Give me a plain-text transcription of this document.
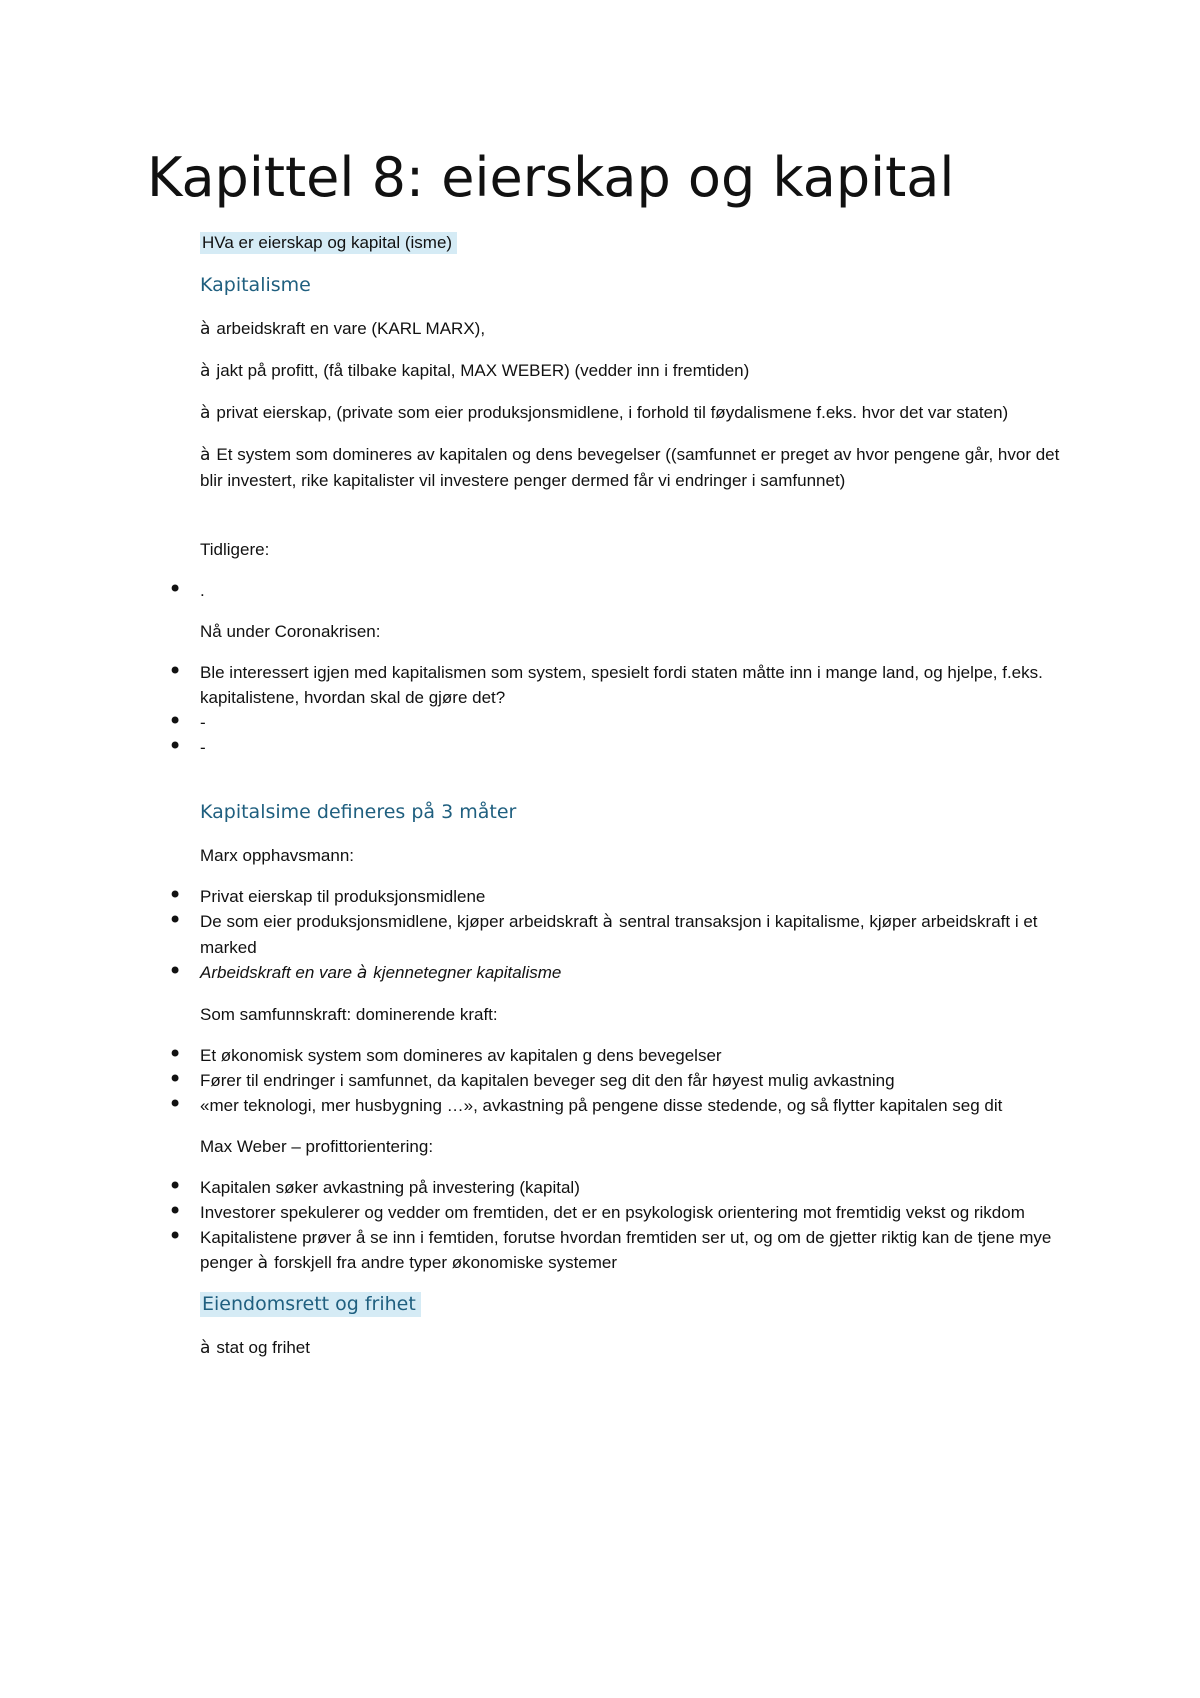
Kapittel 8: eierskap og kapital

HVa er eierskap og kapital (isme)

Kapitalisme

à arbeidskraft en vare (KARL MARX),

à jakt på profitt, (få tilbake kapital, MAX WEBER) (vedder inn i fremtiden)

à privat eierskap, (private som eier produksjonsmidlene, i forhold til føydalismene f.eks. hvor det var staten)

à Et system som domineres av kapitalen og dens bevegelser ((samfunnet er preget av hvor pengene går, hvor det blir investert, rike kapitalister vil investere penger dermed får vi endringer i samfunnet)

Tidligere:

• .

Nå under Coronakrisen:

• Ble interessert igjen med kapitalismen som system, spesielt fordi staten måtte inn i mange land, og hjelpe, f.eks. kapitalistene, hvordan skal de gjøre det?
• -
• -

Kapitalsime defineres på 3 måter

Marx opphavsmann:

• Privat eierskap til produksjonsmidlene
• De som eier produksjonsmidlene, kjøper arbeidskraft à sentral transaksjon i kapitalisme, kjøper arbeidskraft i et marked
• Arbeidskraft en vare à kjennetegner kapitalisme

Som samfunnskraft: dominerende kraft:

• Et økonomisk system som domineres av kapitalen g dens bevegelser
• Fører til endringer i samfunnet, da kapitalen beveger seg dit den får høyest mulig avkastning
• «mer teknologi, mer husbygning …», avkastning på pengene disse stedende, og så flytter kapitalen seg dit

Max Weber – profittorientering:

• Kapitalen søker avkastning på investering (kapital)
• Investorer spekulerer og vedder om fremtiden, det er en psykologisk orientering mot fremtidig vekst og rikdom
• Kapitalistene prøver å se inn i femtiden, forutse hvordan fremtiden ser ut, og om de gjetter riktig kan de tjene mye penger à forskjell fra andre typer økonomiske systemer

Eiendomsrett og frihet

à stat og frihet
